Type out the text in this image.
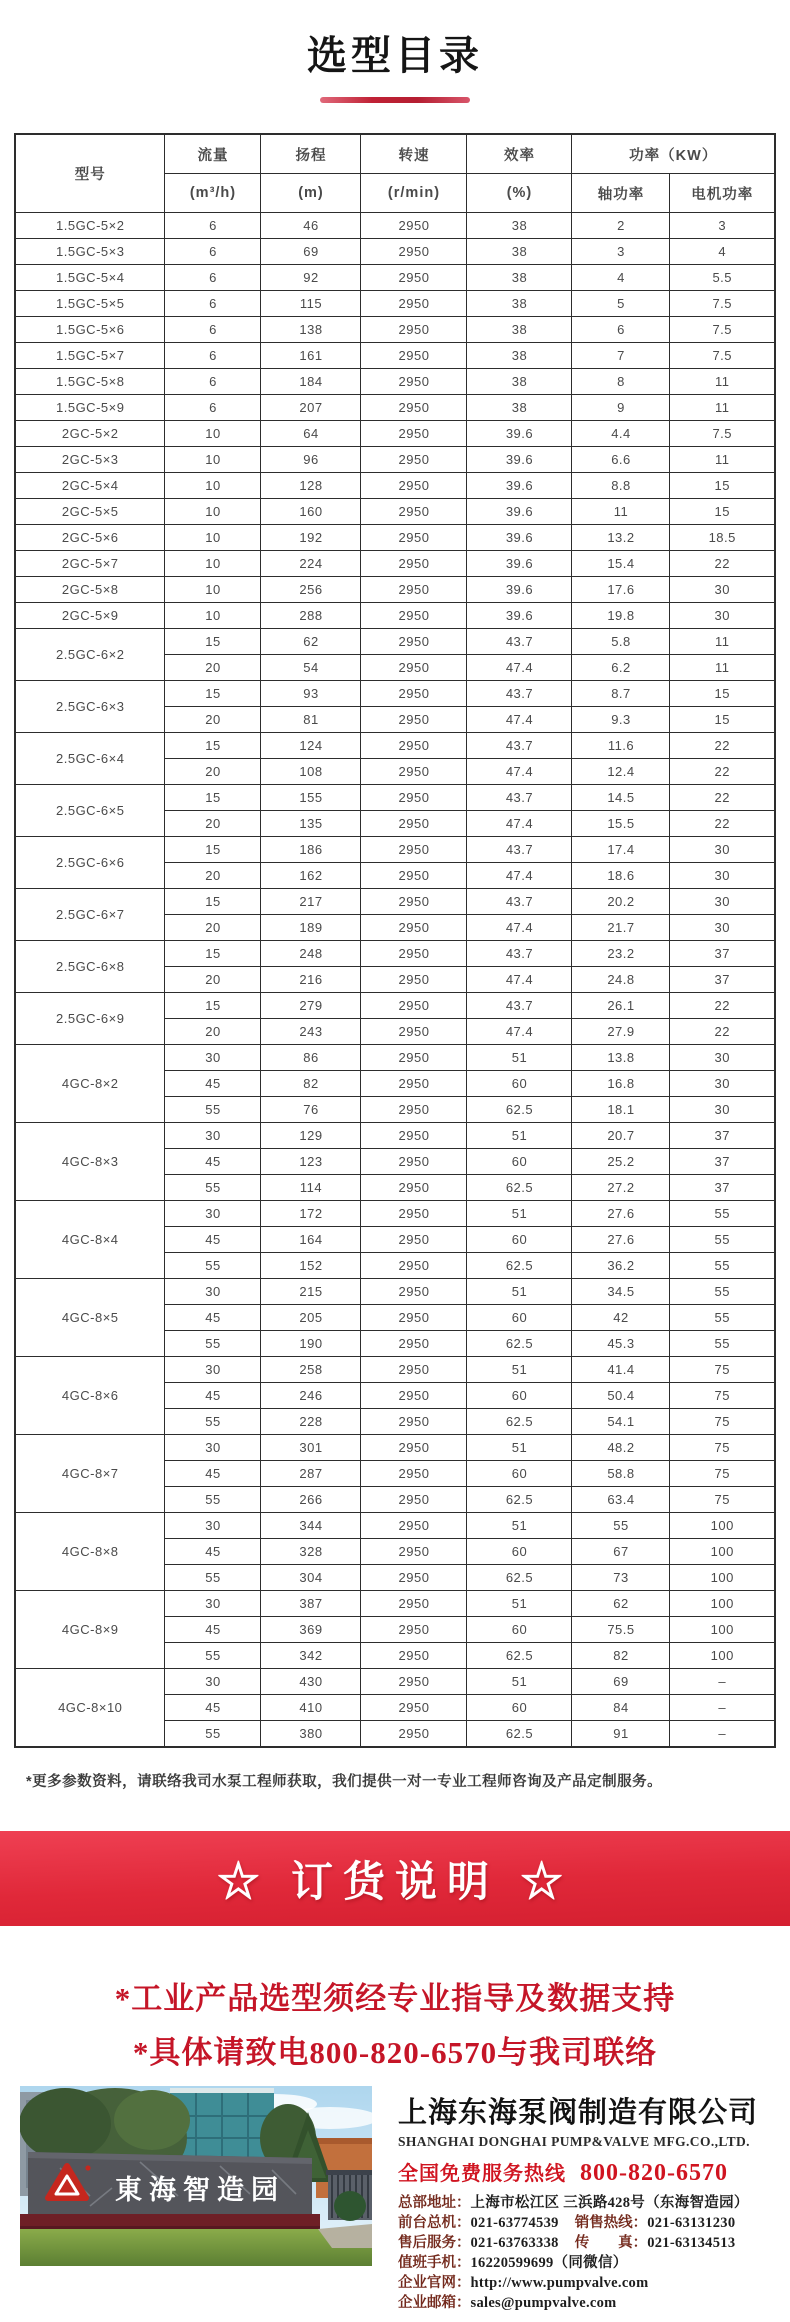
选型目录
型号	流量	扬程	转速	效率	功率（KW）	
	(m³/h)	(m)	(r/min)	(%)	轴功率	电机功率
1.5GC-5×2	6	46	2950	38	2	3
1.5GC-5×3	6	69	2950	38	3	4
1.5GC-5×4	6	92	2950	38	4	5.5
1.5GC-5×5	6	115	2950	38	5	7.5
1.5GC-5×6	6	138	2950	38	6	7.5
1.5GC-5×7	6	161	2950	38	7	7.5
1.5GC-5×8	6	184	2950	38	8	11
1.5GC-5×9	6	207	2950	38	9	11
2GC-5×2	10	64	2950	39.6	4.4	7.5
2GC-5×3	10	96	2950	39.6	6.6	11
2GC-5×4	10	128	2950	39.6	8.8	15
2GC-5×5	10	160	2950	39.6	11	15
2GC-5×6	10	192	2950	39.6	13.2	18.5
2GC-5×7	10	224	2950	39.6	15.4	22
2GC-5×8	10	256	2950	39.6	17.6	30
2GC-5×9	10	288	2950	39.6	19.8	30
2.5GC-6×2	15	62	2950	43.7	5.8	11
	20	54	2950	47.4	6.2	11
2.5GC-6×3	15	93	2950	43.7	8.7	15
	20	81	2950	47.4	9.3	15
2.5GC-6×4	15	124	2950	43.7	11.6	22
	20	108	2950	47.4	12.4	22
2.5GC-6×5	15	155	2950	43.7	14.5	22
	20	135	2950	47.4	15.5	22
2.5GC-6×6	15	186	2950	43.7	17.4	30
	20	162	2950	47.4	18.6	30
2.5GC-6×7	15	217	2950	43.7	20.2	30
	20	189	2950	47.4	21.7	30
2.5GC-6×8	15	248	2950	43.7	23.2	37
	20	216	2950	47.4	24.8	37
2.5GC-6×9	15	279	2950	43.7	26.1	22
	20	243	2950	47.4	27.9	22
4GC-8×2	30	86	2950	51	13.8	30
	45	82	2950	60	16.8	30
	55	76	2950	62.5	18.1	30
4GC-8×3	30	129	2950	51	20.7	37
	45	123	2950	60	25.2	37
	55	114	2950	62.5	27.2	37
4GC-8×4	30	172	2950	51	27.6	55
	45	164	2950	60	27.6	55
	55	152	2950	62.5	36.2	55
4GC-8×5	30	215	2950	51	34.5	55
	45	205	2950	60	42	55
	55	190	2950	62.5	45.3	55
4GC-8×6	30	258	2950	51	41.4	75
	45	246	2950	60	50.4	75
	55	228	2950	62.5	54.1	75
4GC-8×7	30	301	2950	51	48.2	75
	45	287	2950	60	58.8	75
	55	266	2950	62.5	63.4	75
4GC-8×8	30	344	2950	51	55	100
	45	328	2950	60	67	100
	55	304	2950	62.5	73	100
4GC-8×9	30	387	2950	51	62	100
	45	369	2950	60	75.5	100
	55	342	2950	62.5	82	100
4GC-8×10	30	430	2950	51	69	–
	45	410	2950	60	84	–
	55	380	2950	62.5	91	–
*更多参数资料，请联络我司水泵工程师获取，我们提供一对一专业工程师咨询及产品定制服务。
☆ 订货说明 ☆
*工业产品选型须经专业指导及数据支持
*具体请致电800-820-6570与我司联络
東海智造园
上海东海泵阀制造有限公司
SHANGHAI DONGHAI PUMP&VALVE MFG.CO.,LTD.
全国免费服务热线 800-820-6570
总部地址：上海市松江区 三浜路428号（东海智造园）
前台总机：021-63774539 销售热线：021-63131230
售后服务：021-63763338 传　　真：021-63134513
值班手机：16220599699（同微信）
企业官网：http://www.pumpvalve.com
企业邮箱：sales@pumpvalve.com
